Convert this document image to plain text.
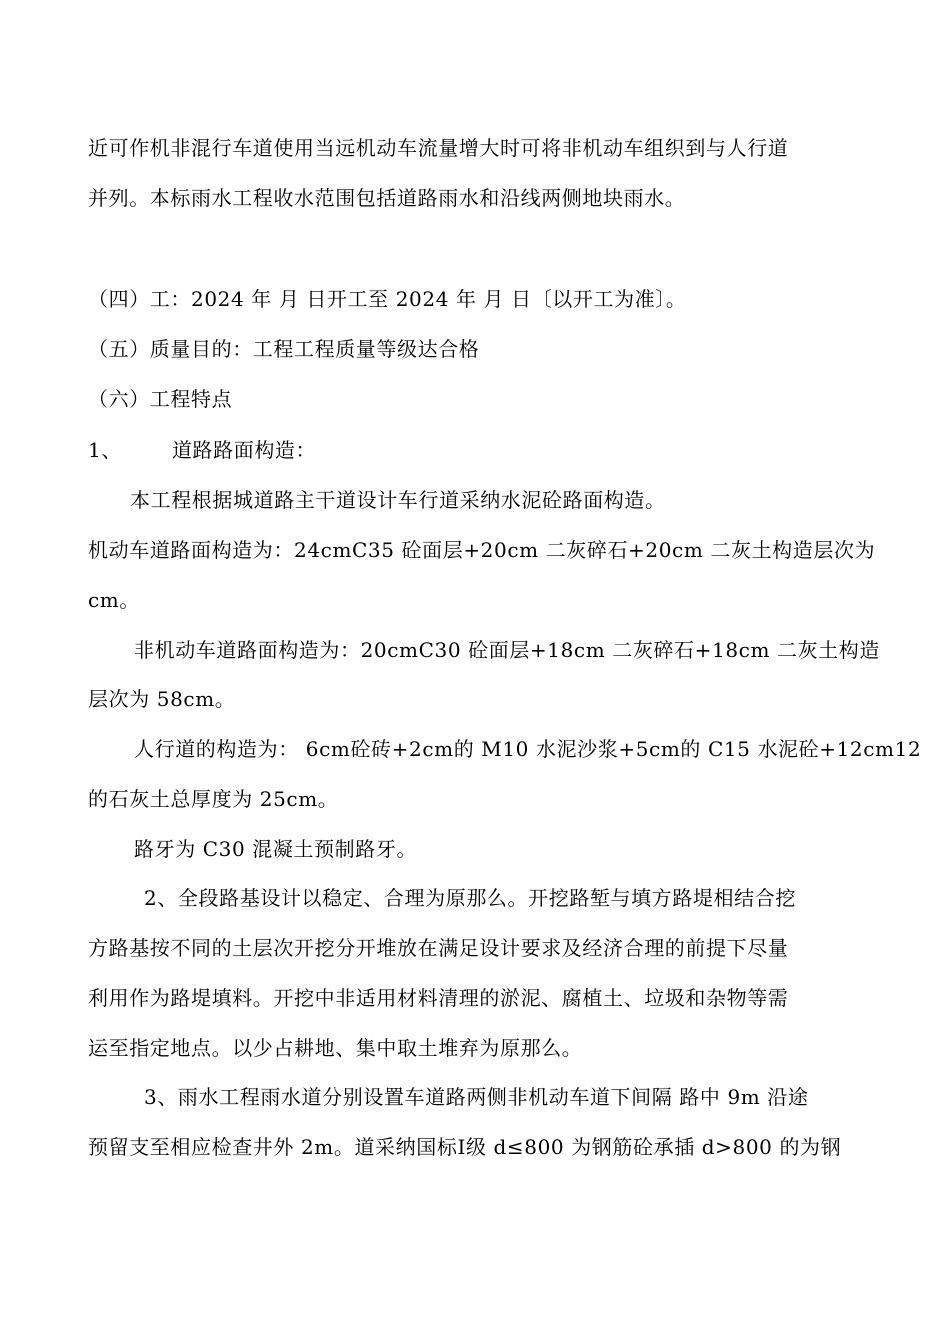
近可作机非混行车道使用当远机动车流量增大时可将非机动车组织到与人行道
并列。本标雨水工程收水范围包括道路雨水和沿线两侧地块雨水。
（四）工：2024 年 月 日开工至 2024 年 月 日〔以开工为准〕。
（五）质量目的：工程工程质量等级达合格
（六）工程特点
1、	道路路面构造：
本工程根据城道路主干道设计车行道采纳水泥砼路面构造。
机动车道路面构造为：24cmC35 砼面层+20cm 二灰碎石+20cm 二灰土构造层次为
cm。
非机动车道路面构造为：20cmC30 砼面层+18cm 二灰碎石+18cm 二灰土构造
层次为 58cm。
人行道的构造为： 6cm砼砖+2cm的 M10 水泥沙浆+5cm的 C15 水泥砼+12cm12
的石灰土总厚度为 25cm。
路牙为 C30 混凝土预制路牙。
2、全段路基设计以稳定、合理为原那么。开挖路堑与填方路堤相结合挖
方路基按不同的土层次开挖分开堆放在满足设计要求及经济合理的前提下尽量
利用作为路堤填料。开挖中非适用材料清理的淤泥、腐植土、垃圾和杂物等需
运至指定地点。以少占耕地、集中取土堆弃为原那么。
3、雨水工程雨水道分别设置车道路两侧非机动车道下间隔 路中 9m 沿途
预留支至相应检查井外 2m。道采纳国标Ⅰ级 d≤800 为钢筋砼承插 d>800 的为钢
